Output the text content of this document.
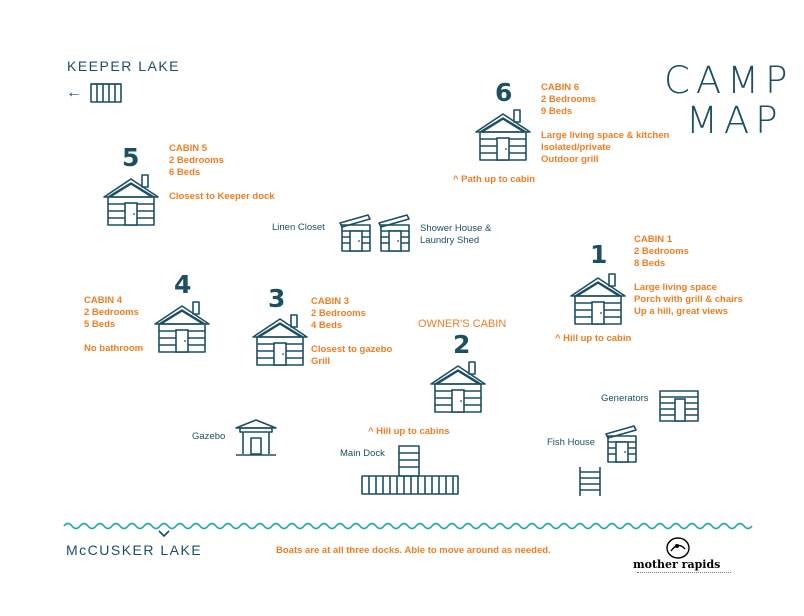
CAMP
MAP
KEEPER LAKE
←
5	CABIN 5
2 Bedrooms
6 Beds
Closest to Keeper dock
6	CABIN 6
2 Bedrooms
9 Beds
Large living space & kitchen
Isolated/private
Outdoor grill
^ Path up to cabin
1
CABIN 1
2 Bedrooms
8 Beds
Large living space
Porch with grill & chairs
Up a hill, great views
^ Hill up to cabin
4
CABIN 4
2 Bedrooms
5 Beds
No bathroom
3	CABIN 3
2 Bedrooms
4 Beds
Closest to gazebo
Grill
OWNER'S CABIN
2
^ Hill up to cabins
Linen Closet	Shower House &
Laundry Shed
Gazebo
Main Dock
Generators
Fish House
McCUSKER LAKE	Boats are at all three docks. Able to move around as needed.
mother rapids
